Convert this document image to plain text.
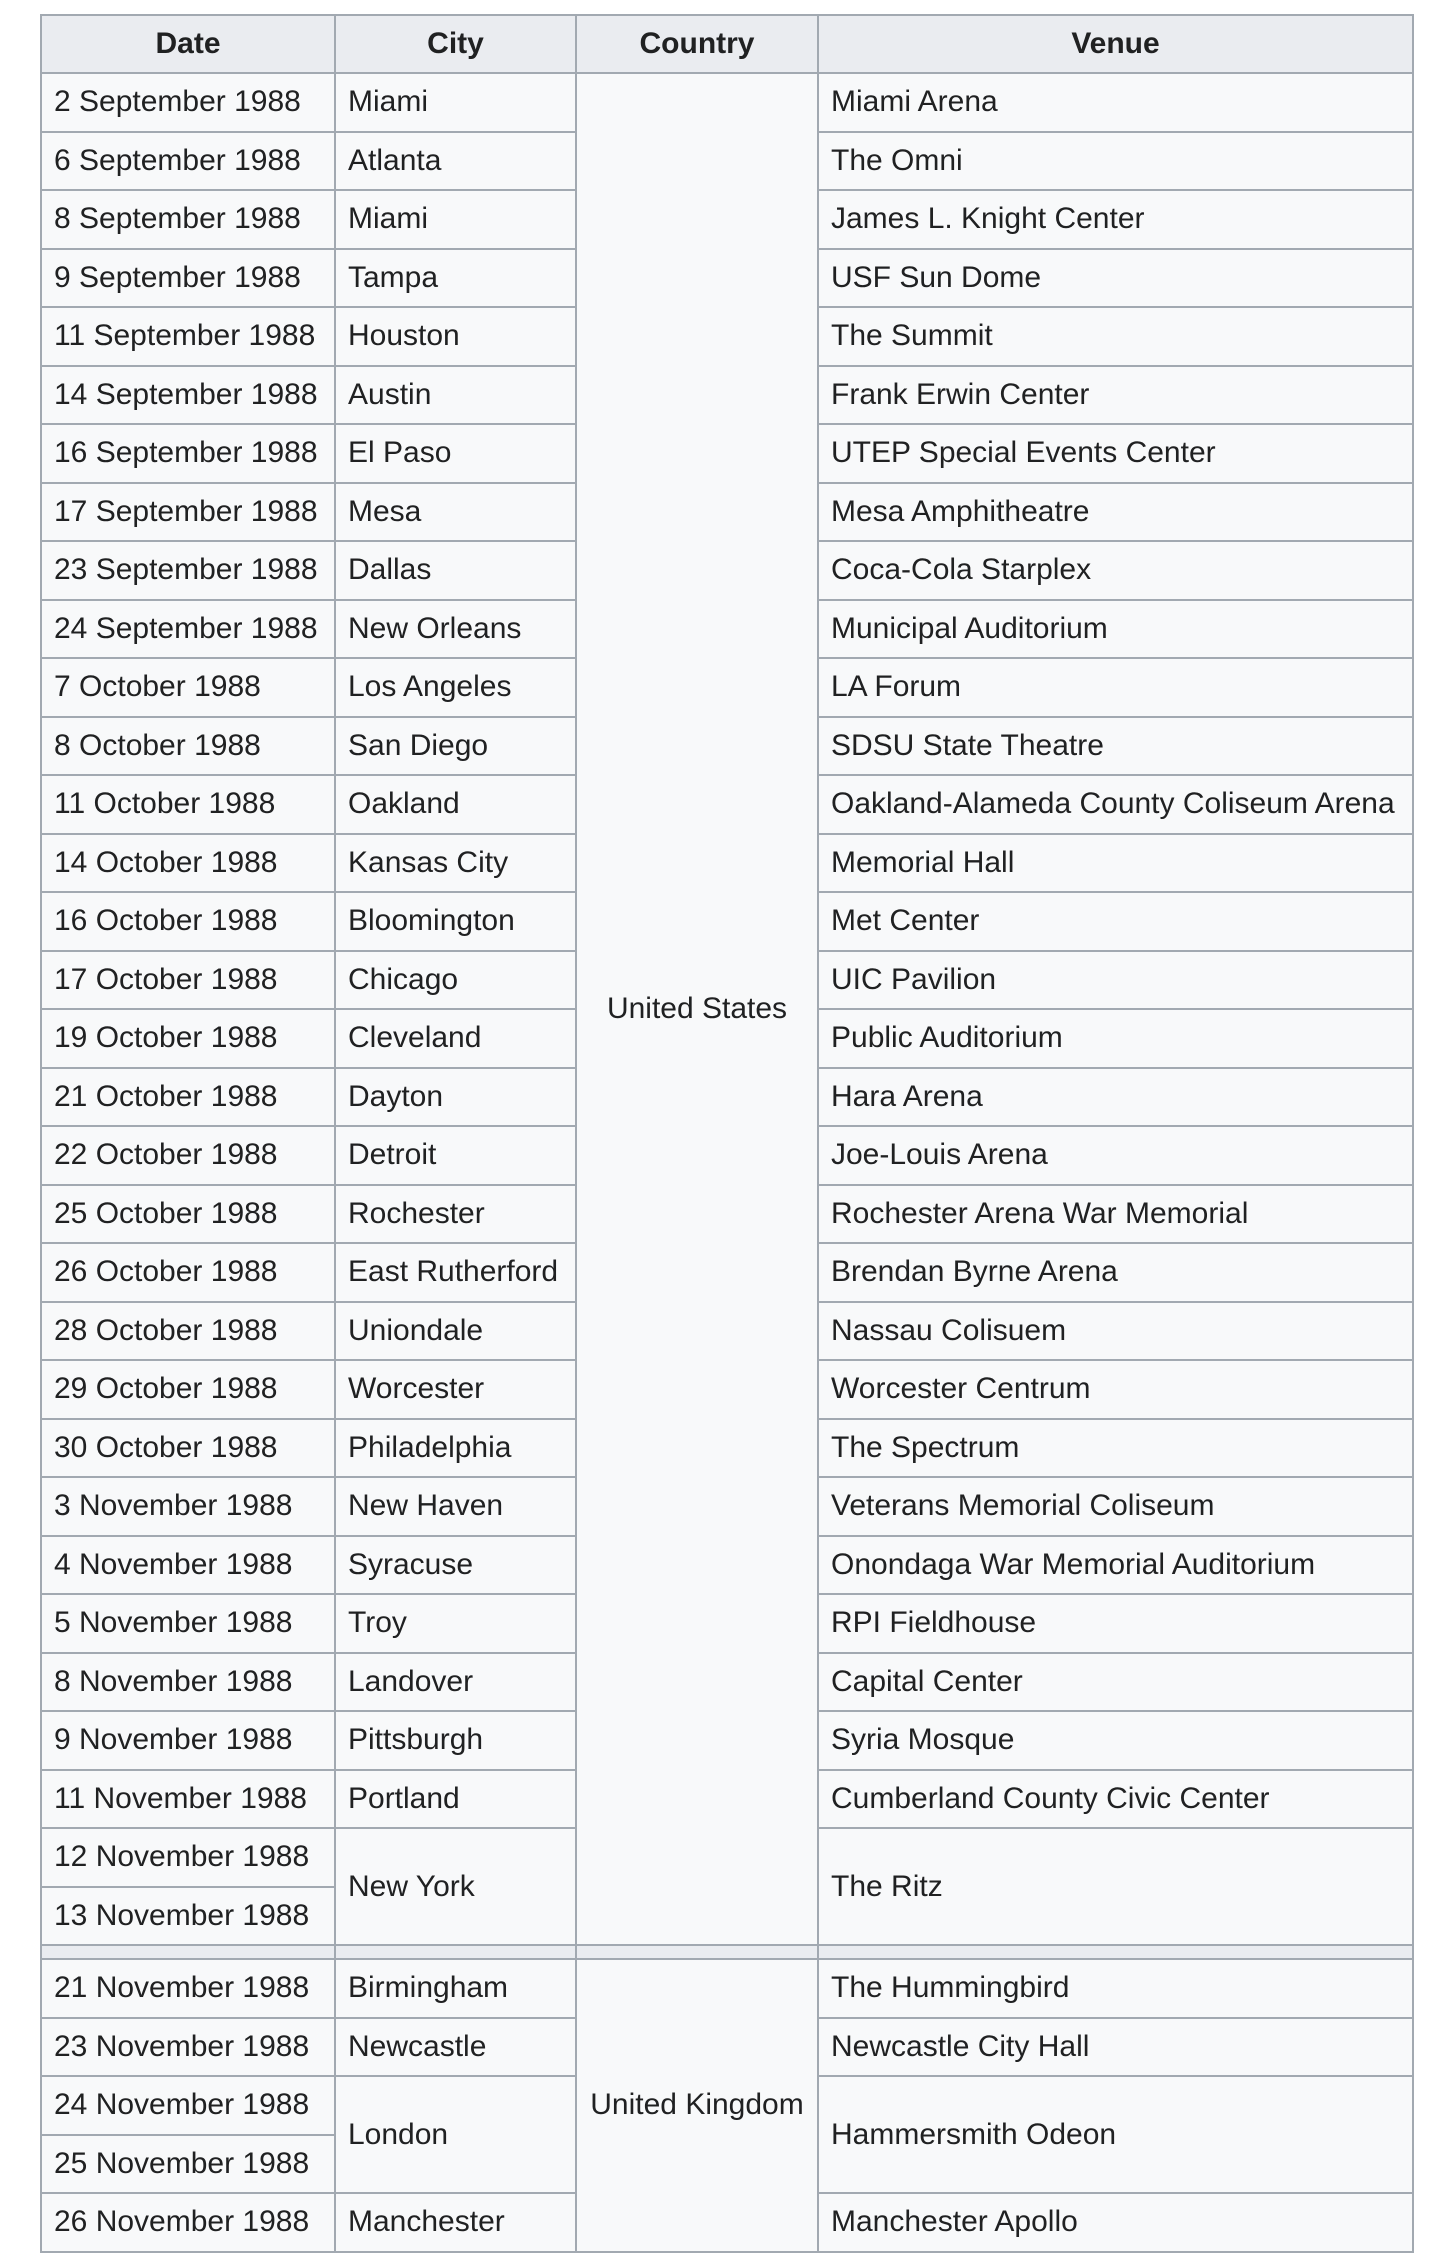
Date	City	Country	Venue
2 September 1988	Miami	United States	Miami Arena
6 September 1988	Atlanta		The Omni
8 September 1988	Miami		James L. Knight Center
9 September 1988	Tampa		USF Sun Dome
11 September 1988	Houston		The Summit
14 September 1988	Austin		Frank Erwin Center
16 September 1988	El Paso		UTEP Special Events Center
17 September 1988	Mesa		Mesa Amphitheatre
23 September 1988	Dallas		Coca-Cola Starplex
24 September 1988	New Orleans		Municipal Auditorium
7 October 1988	Los Angeles		LA Forum
8 October 1988	San Diego		SDSU State Theatre
11 October 1988	Oakland		Oakland-Alameda County Coliseum Arena
14 October 1988	Kansas City		Memorial Hall
16 October 1988	Bloomington		Met Center
17 October 1988	Chicago		UIC Pavilion
19 October 1988	Cleveland		Public Auditorium
21 October 1988	Dayton		Hara Arena
22 October 1988	Detroit		Joe-Louis Arena
25 October 1988	Rochester		Rochester Arena War Memorial
26 October 1988	East Rutherford		Brendan Byrne Arena
28 October 1988	Uniondale		Nassau Colisuem
29 October 1988	Worcester		Worcester Centrum
30 October 1988	Philadelphia		The Spectrum
3 November 1988	New Haven		Veterans Memorial Coliseum
4 November 1988	Syracuse		Onondaga War Memorial Auditorium
5 November 1988	Troy		RPI Fieldhouse
8 November 1988	Landover		Capital Center
9 November 1988	Pittsburgh		Syria Mosque
11 November 1988	Portland		Cumberland County Civic Center
12 November 1988	New York		The Ritz
13 November 1988			

21 November 1988	Birmingham	United Kingdom	The Hummingbird
23 November 1988	Newcastle		Newcastle City Hall
24 November 1988	London		Hammersmith Odeon
25 November 1988			
26 November 1988	Manchester		Manchester Apollo
